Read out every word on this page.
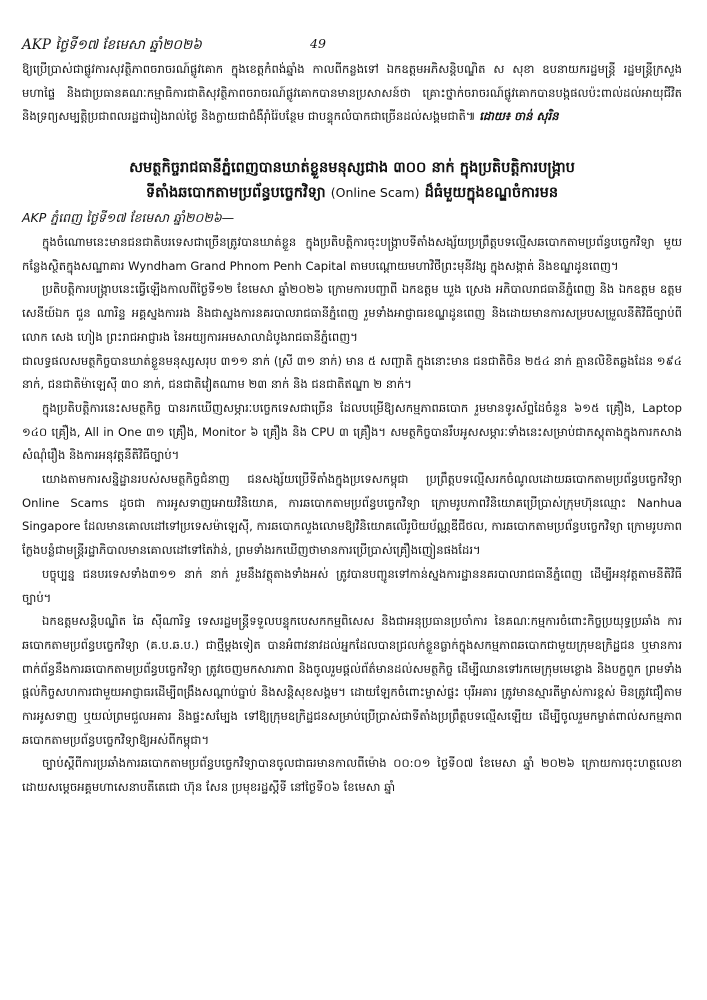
AKP ថ្ងៃទី១៧ ខែមេសា ឆ្នាំ២០២៦	49
ឱ្យប្រើប្រាស់ជាផ្លូវការសុវត្ថិភាពចរាចរណ៍ផ្លូវគោក ក្នុងខេត្តកំពង់ឆ្នាំង កាលពីកន្លងទៅ ឯកឧត្តមអភិសន្តិបណ្ឌិត ស សុខា ឧបនាយករដ្ឋមន្ត្រី រដ្ឋមន្ត្រីក្រសួងមហាផ្ទៃ និងជាប្រធានគណៈកម្មាធិការជាតិសុវត្ថិភាពចរាចរណ៍ផ្លូវគោកបានមានប្រសាសន៍ថា គ្រោះថ្នាក់ចរាចរណ៍ផ្លូវគោកបានបង្កផលប៉ះពាល់ដល់អាយុជីវិត និងទ្រព្យសម្បត្តិប្រជាពលរដ្ឋជារៀងរាល់ថ្ងៃ និងក្លាយជាជំងឺរ៉ាំរ៉ៃបន្ថែម ជាបន្ទុកលំបាកជាច្រើនដល់សង្គមជាតិ៕ ដោយ៖ ចាន់ សុរិន
សមត្ថកិច្ចរាជធានីភ្នំពេញបានឃាត់ខ្លួនមនុស្សជាង ៣០០ នាក់ ក្នុងប្រតិបត្តិការបង្ក្រាប
ទីតាំងឆបោកតាមប្រព័ន្ធបច្ចេកវិទ្យា (Online Scam) ដ៏ធំមួយក្នុងខណ្ឌចំការមន
AKP ភ្នំពេញ ថ្ងៃទី១៧ ខែមេសា ឆ្នាំ២០២៦—
ក្នុងចំណោមនេះមានជនជាតិបរទេសជាច្រើនត្រូវបានឃាត់ខ្លួន ក្នុងប្រតិបត្តិការចុះបង្ក្រាបទីតាំងសង្ស័យប្រព្រឹត្តបទល្មើសឆបោកតាមប្រព័ន្ធបច្ចេកវិទ្យា មួយកន្លែងស្ថិតក្នុងសណ្ឋាគារ Wyndham Grand Phnom Penh Capital តាមបណ្ដោយមហាវិថីព្រះមុនីវង្ស ក្នុងសង្កាត់ និងខណ្ឌដូនពេញ។
ប្រតិបត្តិការបង្ក្រាបនេះធ្វើឡើងកាលពីថ្ងៃទី១២ ខែមេសា ឆ្នាំ២០២៦ ក្រោមការបញ្ជាពី ឯកឧត្តម ឃួង ស្រេង អភិបាលរាជធានីភ្នំពេញ និង ឯកឧត្តម ឧត្តមសេនីយ៍ឯក ជួន ណារិន្ទ អគ្គស្នងការរង និងជាស្នងការនគរបាលរាជធានីភ្នំពេញ រួមទាំងអាជ្ញាធរខណ្ឌដូនពេញ និងដោយមានការសម្របសម្រួលនីតិវិធីច្បាប់ពីលោក សេង ហៀង ព្រះរាជអាជ្ញារង នៃអយ្យការអមសាលាដំបូងរាជធានីភ្នំពេញ។
ជាលទ្ធផលសមត្ថកិច្ចបានឃាត់ខ្លួនមនុស្សសរុប ៣១១ នាក់ (ស្រី ៣១ នាក់) មាន ៥ សញ្ជាតិ ក្នុងនោះមាន ជនជាតិចិន ២៥៤ នាក់ គ្មានលិខិតឆ្លងដែន ១៩៤ នាក់, ជនជាតិម៉ាឡេស៊ី ៣០ នាក់, ជនជាតិវៀតណាម ២៣ នាក់ និង ជនជាតិឥណ្ឌា ២ នាក់។
ក្នុងប្រតិបត្តិការនេះសមត្ថកិច្ច បានរកឃើញសម្ភារៈបច្ចេកទេសជាច្រើន ដែលបម្រើឱ្យសកម្មភាពឆបោក រួមមានទូរស័ព្ទដៃចំនួន ៦១៥ គ្រឿង, Laptop ១៤០ គ្រឿង, All in One ៣១ គ្រឿង, Monitor ៦ គ្រឿង និង CPU ៣ គ្រឿង។ សមត្ថកិច្ចបានរឹបអូសសម្ភារៈទាំងនេះសម្រាប់ជាភស្តុតាងក្នុងការកសាងសំណុំរឿង និងការអនុវត្តនីតិវិធីច្បាប់។
យោងតាមការសន្និដ្ឋានរបស់សមត្ថកិច្ចជំនាញ ជនសង្ស័យប្រើទីតាំងក្នុងប្រទេសកម្ពុជា ប្រព្រឹត្តបទល្មើសរកចំណូលដោយឆបោកតាមប្រព័ន្ធបច្ចេកវិទ្យា Online Scams ដូចជា ការអូសទាញអោយវិនិយោគ, ការឆបោកតាមប្រព័ន្ធបច្ចេកវិទ្យា ក្រោមរូបភាពវិនិយោគប្រើប្រាស់ក្រុមហ៊ុនឈ្មោះ Nanhua Singapore ដែលមានគោលដៅទៅប្រទេសម៉ាឡេស៊ី, ការឆបោកលួងលោមឱ្យវិនិយោគលើរូបិយប័ណ្ណឌីជីថល, ការឆបោកតាមប្រព័ន្ធបច្ចេកវិទ្យា ក្រោមរូបភាពក្លែងបន្លំជាមន្ត្រីរដ្ឋាភិបាលមានគោលដៅទៅតៃវ៉ាន់, ព្រមទាំងរកឃើញថាមានការប្រើប្រាស់គ្រឿងញៀនផងដែរ។
បច្ចុប្បន្ន ជនបរទេសទាំង៣១១ នាក់ នាក់ រួមនឹងវត្ថុតាងទាំងអស់ ត្រូវបានបញ្ជូនទៅកាន់ស្នងការដ្ឋាននគរបាលរាជធានីភ្នំពេញ ដើម្បីអនុវត្តតាមនីតិវិធីច្បាប់។
ឯកឧត្តមសន្តិបណ្ឌិត ឆៃ ស៊ីណារិទ្ធ ទេសរដ្ឋមន្ត្រីទទួលបន្ទុកបេសកកម្មពិសេស និងជាអនុប្រធានប្រចាំការ នៃគណៈកម្មការចំពោះកិច្ចប្រយុទ្ធប្រឆាំង ការឆបោកតាមប្រព័ន្ធបច្ចេកវិទ្យា (គ.ប.ឆ.ប.) ជាថ្មីម្ដងទៀត បានអំពាវនាវដល់អ្នកដែលបានជ្រលក់ខ្លួនធ្លាក់ក្នុងសកម្មភាពឆបោកជាមួយក្រុមឧក្រិដ្ឋជន ឬមានការពាក់ព័ន្ធនឹងការឆបោកតាមប្រព័ន្ធបច្ចេកវិទ្យា ត្រូវចេញមកសារភាព និងចូលរួមផ្ដល់ព័ត៌មានដល់សមត្ថកិច្ច ដើម្បីឈានទៅរកមេក្រុមមេខ្លោង និងបក្ខពួក ព្រមទាំងផ្ដល់កិច្ចសហការជាមួយអាជ្ញាធរដើម្បីពង្រឹងសណ្ដាប់ធ្នាប់ និងសន្តិសុខសង្គម។ ដោយឡែកចំពោះម្ចាស់ផ្ទះ បុរីអគារ ត្រូវមានស្មារតីម្ចាស់ការខ្ពស់ មិនត្រូវជឿតាមការអូសទាញ ឬយល់ព្រមជួលអគារ និងផ្ទះសម្បែង ទៅឱ្យក្រុមឧក្រិដ្ឋជនសម្រាប់ប្រើប្រាស់ជាទីតាំងប្រព្រឹត្តបទល្មើសឡើយ ដើម្បីចូលរួមកម្ចាត់ពាល់សកម្មភាពឆបោកតាមប្រព័ន្ធបច្ចេកវិទ្យាឱ្យអស់ពីកម្ពុជា។
ច្បាប់ស្ដីពីការប្រឆាំងការឆបោកតាមប្រព័ន្ធបច្ចេកវិទ្យាបានចូលជាធរមានកាលពីម៉ោង ០០:០១ ថ្ងៃទី០៧ ខែមេសា ឆ្នាំ ២០២៦ ក្រោយការចុះហត្ថលេខាដោយសម្តេចអគ្គមហាសេនាបតីតេជោ ហ៊ុន សែន ប្រមុខរដ្ឋស្តីទី នៅថ្ងៃទី០៦ ខែមេសា ឆ្នាំ
